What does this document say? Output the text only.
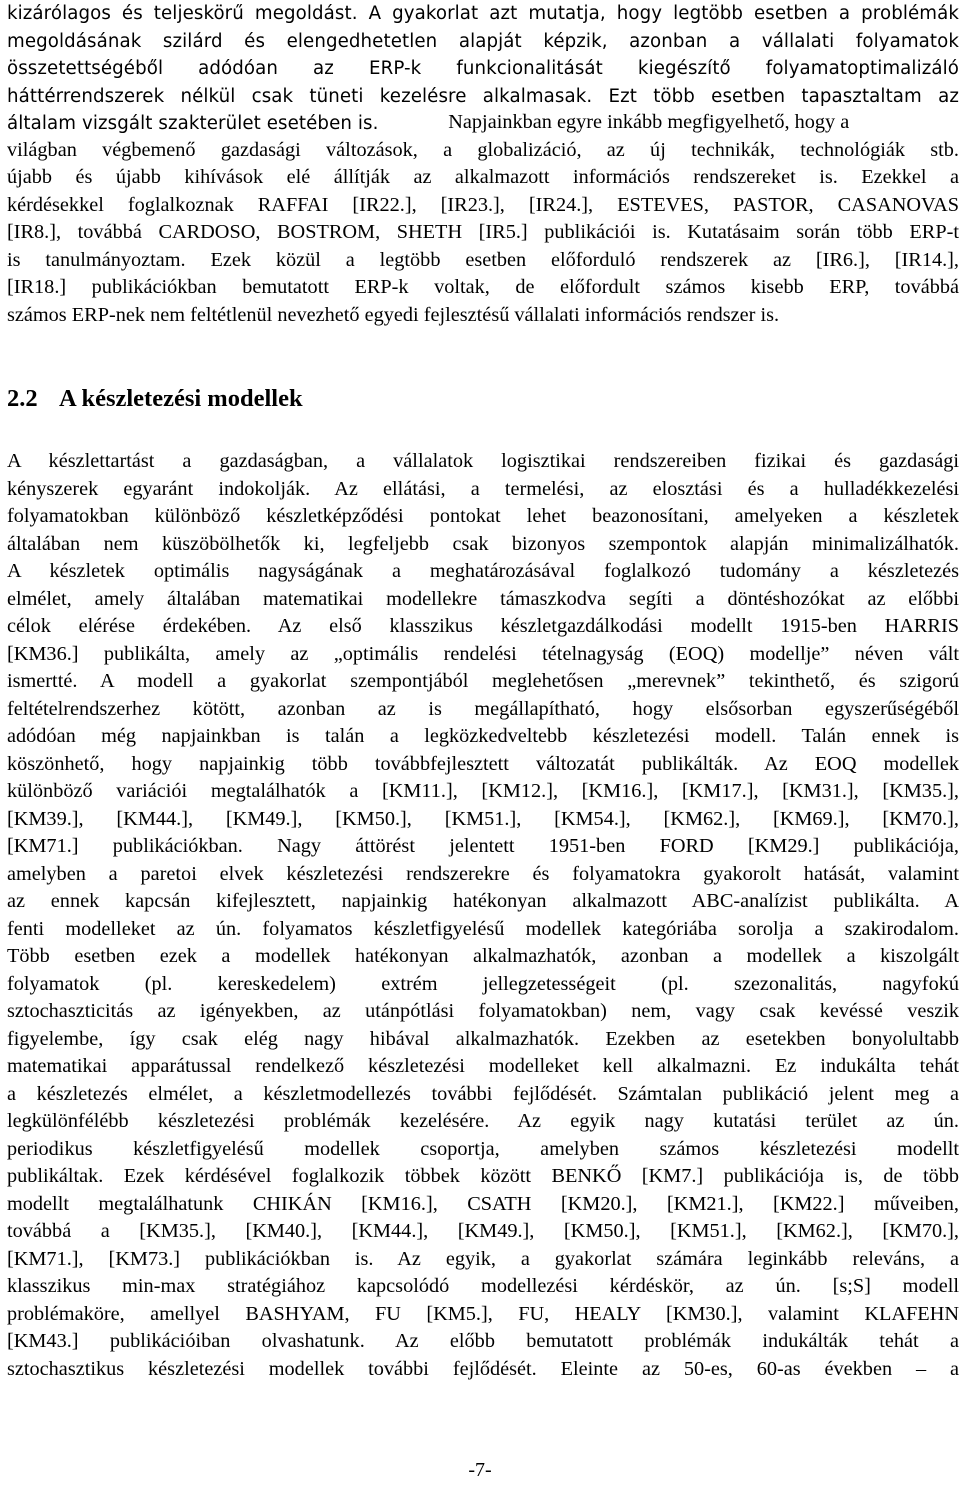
kizárólagos és teljeskörű megoldást. A gyakorlat azt mutatja, hogy legtöbb esetben a problémák
megoldásának szilárd és elengedhetetlen alapját képzik, azonban a vállalati folyamatok
összetettségéből adódóan az ERP-k funkcionalitását kiegészítő folyamatoptimalizáló
háttérrendszerek nélkül csak tüneti kezelésre alkalmasak. Ezt több esetben tapasztaltam az
általam vizsgált szakterület esetében is.	Napjainkban egyre inkább megfigyelhető, hogy a
világban végbemenő gazdasági változások, a globalizáció, az új technikák, technológiák stb.
újabb és újabb kihívások elé állítják az alkalmazott információs rendszereket is. Ezekkel a
kérdésekkel foglalkoznak RAFFAI [IR22.], [IR23.], [IR24.], ESTEVES, PASTOR, CASANOVAS
[IR8.], továbbá CARDOSO, BOSTROM, SHETH [IR5.] publikációi is. Kutatásaim során több ERP-t
is tanulmányoztam. Ezek közül a legtöbb esetben előforduló rendszerek az [IR6.], [IR14.],
[IR18.] publikációkban bemutatott ERP-k voltak, de előfordult számos kisebb ERP, továbbá
számos ERP-nek nem feltétlenül nevezhető egyedi fejlesztésű vállalati információs rendszer is.
2.2 A készletezési modellek
A készlettartást a gazdaságban, a vállalatok logisztikai rendszereiben fizikai és gazdasági
kényszerek egyaránt indokolják. Az ellátási, a termelési, az elosztási és a hulladékkezelési
folyamatokban különböző készletképződési pontokat lehet beazonosítani, amelyeken a készletek
általában nem küszöbölhetők ki, legfeljebb csak bizonyos szempontok alapján minimalizálhatók.
A készletek optimális nagyságának a meghatározásával foglalkozó tudomány a készletezés
elmélet, amely általában matematikai modellekre támaszkodva segíti a döntéshozókat az előbbi
célok elérése érdekében. Az első klasszikus készletgazdálkodási modellt 1915-ben HARRIS
[KM36.] publikálta, amely az „optimális rendelési tételnagyság (EOQ) modellje” néven vált
ismertté. A modell a gyakorlat szempontjából meglehetősen „merevnek” tekinthető, és szigorú
feltételrendszerhez kötött, azonban az is megállapítható, hogy elsősorban egyszerűségéből
adódóan még napjainkban is talán a legközkedveltebb készletezési modell. Talán ennek is
köszönhető, hogy napjainkig több továbbfejlesztett változatát publikálták. Az EOQ modellek
különböző variációi megtalálhatók a [KM11.], [KM12.], [KM16.], [KM17.], [KM31.], [KM35.],
[KM39.], [KM44.], [KM49.], [KM50.], [KM51.], [KM54.], [KM62.], [KM69.], [KM70.],
[KM71.] publikációkban. Nagy áttörést jelentett 1951-ben FORD [KM29.] publikációja,
amelyben a paretoi elvek készletezési rendszerekre és folyamatokra gyakorolt hatását, valamint
az ennek kapcsán kifejlesztett, napjainkig hatékonyan alkalmazott ABC-analízist publikálta. A
fenti modelleket az ún. folyamatos készletfigyelésű modellek kategóriába sorolja a szakirodalom.
Több esetben ezek a modellek hatékonyan alkalmazhatók, azonban a modellek a kiszolgált
folyamatok (pl. kereskedelem) extrém jellegzetességeit (pl. szezonalitás, nagyfokú
sztochaszticitás az igényekben, az utánpótlási folyamatokban) nem, vagy csak kevéssé veszik
figyelembe, így csak elég nagy hibával alkalmazhatók. Ezekben az esetekben bonyolultabb
matematikai apparátussal rendelkező készletezési modelleket kell alkalmazni. Ez indukálta tehát
a készletezés elmélet, a készletmodellezés további fejlődését. Számtalan publikáció jelent meg a
legkülönfélébb készletezési problémák kezelésére. Az egyik nagy kutatási terület az ún.
periodikus készletfigyelésű modellek csoportja, amelyben számos készletezési modellt
publikáltak. Ezek kérdésével foglalkozik többek között BENKŐ [KM7.] publikációja is, de több
modellt megtalálhatunk CHIKÁN [KM16.], CSATH [KM20.], [KM21.], [KM22.] műveiben,
továbbá a [KM35.], [KM40.], [KM44.], [KM49.], [KM50.], [KM51.], [KM62.], [KM70.],
[KM71.], [KM73.] publikációkban is. Az egyik, a gyakorlat számára leginkább releváns, a
klasszikus min-max stratégiához kapcsolódó modellezési kérdéskör, az ún. [s;S] modell
problémaköre, amellyel BASHYAM, FU [KM5.], FU, HEALY [KM30.], valamint KLAFEHN
[KM43.] publikációiban olvashatunk. Az előbb bemutatott problémák indukálták tehát a
sztochasztikus készletezési modellek további fejlődését. Eleinte az 50-es, 60-as években – a
-7-
